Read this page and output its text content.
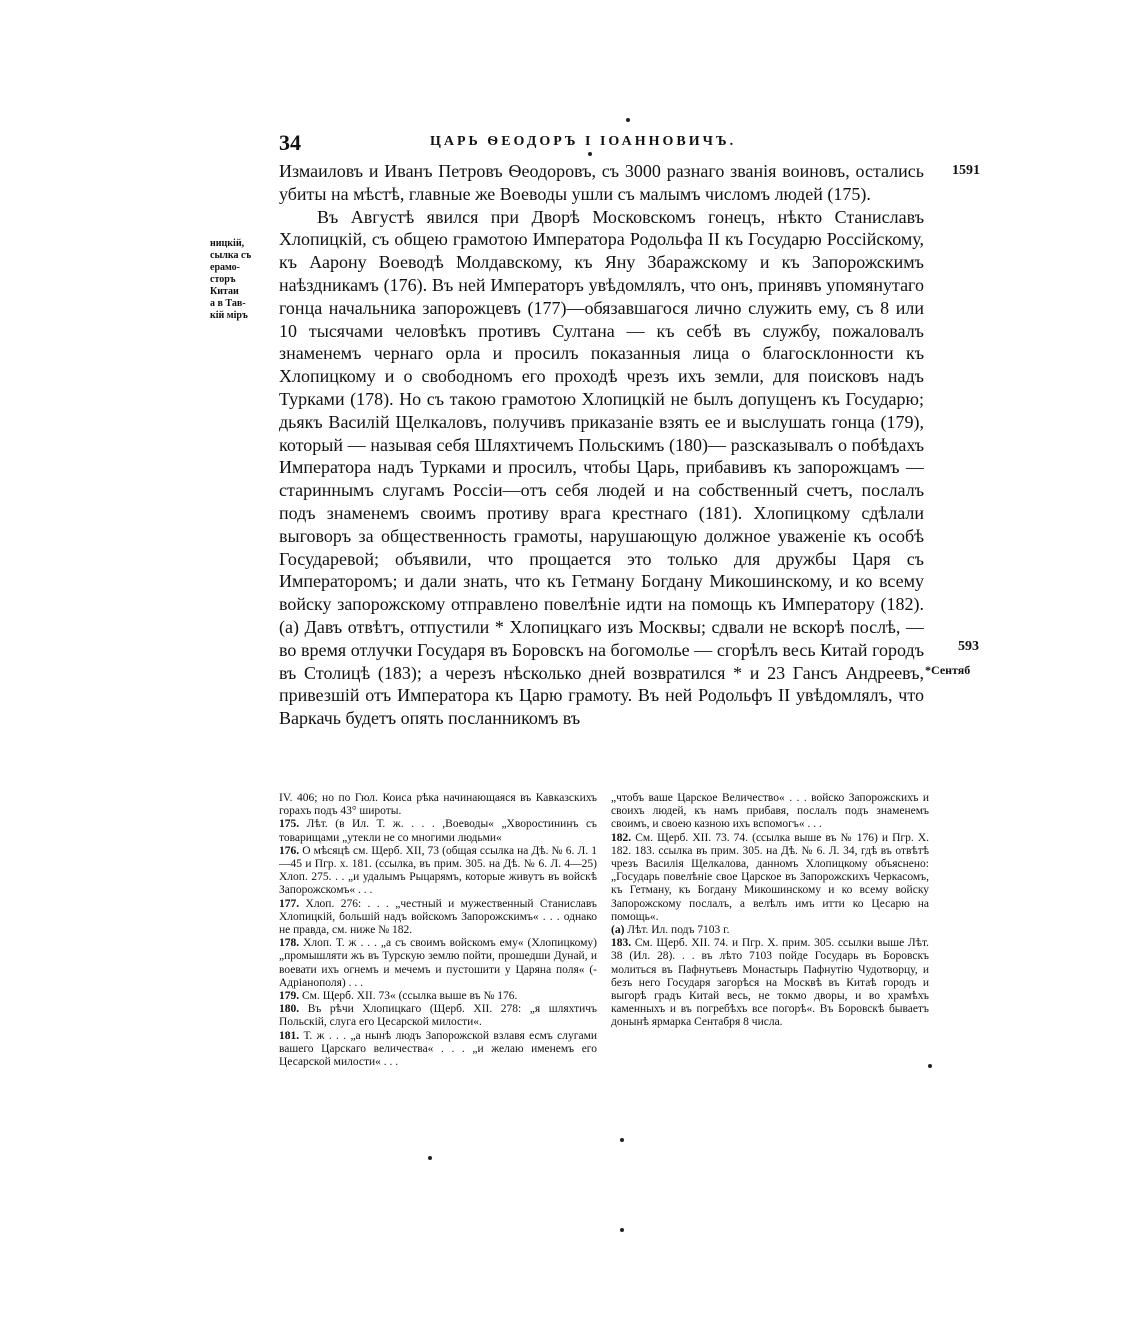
34	ЦАРЬ ѲЕОДОРЪ I ІОАННОВИЧЪ.
1591
ницкiй,
сылка съ
ерамо-
сторъ
Китаи
а в Тав-
кiй мiръ
593
*Сентяб

Измаиловъ и Иванъ Петровъ Ѳеодоровъ, съ 3000 разнаго званiя воиновъ, остались убиты на мѣстѣ, главные же Воеводы ушли съ малымъ числомъ людей (175).

Въ Августѣ явился при Дворѣ Московскомъ гонецъ, нѣкто Станиславъ Хлопицкiй, съ общею грамотою Императора Родольфа II къ Государю Россiйскому, къ Аарону Воеводѣ Молдавскому, къ Яну Збаражскому и къ Запорожскимъ наѣздникамъ (176). Въ ней Императоръ увѣдомлялъ, что онъ, принявъ упомянутаго гонца начальника запорожцевъ (177)—обязавшагося лично служить ему, съ 8 или 10 тысячами человѣкъ противъ Султана — къ себѣ въ службу, пожаловалъ знаменемъ чернаго орла и просилъ показанныя лица о благосклонности къ Хлопицкому и о свободномъ его проходѣ чрезъ ихъ земли, для поисковъ надъ Турками (178). Но съ такою грамотою Хлопицкiй не былъ допущенъ къ Государю; дьякъ Василiй Щелкаловъ, получивъ приказанiе взять ее и выслушать гонца (179), который — называя себя Шляхтичемъ Польскимъ (180)— разсказывалъ о побѣдахъ Императора надъ Турками и просилъ, чтобы Царь, прибавивъ къ запорожцамъ —стариннымъ слугамъ Россiи—отъ себя людей и на собственный счетъ, послалъ подъ знаменемъ своимъ противу врага крестнаго (181). Хлопицкому сдѣлали выговоръ за общественность грамоты, нарушающую должное уваженiе къ особѣ Государевой; объявили, что прощается это только для дружбы Царя съ Императоромъ; и дали знать, что къ Гетману Богдану Микошинскому, и ко всему войску запорожскому отправлено повелѣнiе идти на помощь къ Императору (182). (а) Давъ отвѣтъ, отпустили * Хлопицкаго изъ Москвы; сдвали не вскорѣ послѣ, — во время отлучки Государя въ Боровскъ на богомолье — сгорѣлъ весь Китай городъ въ Столицѣ (183); а черезъ нѣсколько дней возвратился * и 23 Гансъ Андреевъ, привезшiй отъ Императора къ Царю грамоту. Въ ней Родольфъ II увѣдомлялъ, что Варкачь будетъ опять посланникомъ въ

IV. 406; но по Гюл. Коиса рѣка начинающаяся въ Кавказскихъ горахъ подъ 43° широты.

175. Лѣт. (в Ил. Т. ж. . . . ,Воеводы« „Хворостининъ съ товарищами „утекли не со многими людьми«

176. О мѣсяцѣ см. Щерб. XII, 73 (общая ссылка на Дѣ. № 6. Л. 1—45 и Пгр. х. 181. (ссылка, въ прим. 305. на Дѣ. № 6. Л. 4—25) Хлоп. 275. . . „и удалымъ Рыцарямъ, которые живутъ въ войскѣ Запорожскомъ« . . .

177. Хлоп. 276: . . . „честный и мужественный Станиславъ Хлопицкiй, большiй надъ войскомъ Запорожскимъ« . . . однако не правда, см. ниже № 182.

178. Хлоп. Т. ж . . . „а съ своимъ войскомъ ему« (Хлопицкому) „промышляти жъ въ Турскую землю пойти, прошедши Дунай, и воевати ихъ огнемъ и мечемъ и пустошити у Царяна поля« (-Адрiанополя) . . .

179. См. Щерб. XII. 73« (ссылка выше въ № 176.

180. Въ рѣчи Хлопицкаго (Щерб. XII. 278: „я шляхтичъ Польскiй, слуга его Цесарской милости«.

181. Т. ж . . . „а нынѣ людъ Запорожской взлавя есмъ слугами вашего Царскаго величества« . . . „и желаю именемъ его Цесарской милости« . . .

„чтобъ ваше Царское Величество« . . . войско Запорожскихъ и своихъ людей, къ намъ прибавя, послалъ подъ знаменемъ своимъ, и своею казною ихъ вспомогъ« . . .

182. См. Щерб. XII. 73. 74. (ссылка выше въ № 176) и Пгр. Х. 182. 183. ссылка въ прим. 305. на Дѣ. № 6. Л. 34, гдѣ въ отвѣтѣ чрезъ Василiя Щелкалова, данномъ Хлопицкому объяснено: „Государь повелѣнiе свое Царское въ Запорожскихъ Черкасомъ, къ Гетману, къ Богдану Микошинскому и ко всему войску Запорожскому послалъ, а велѣлъ имъ итти ко Цесарю на помощь«.

(а) Лѣт. Ил. подъ 7103 г.

183. См. Щерб. XII. 74. и Пгр. Х. прим. 305. ссылки выше Лѣт. 38 (Ил. 28). . . въ лѣто 7103 пойде Государь въ Боровскъ молиться въ Пафнутьевъ Монастырь Пафнутiю Чудотворцу, и безъ него Государя загорѣся на Москвѣ въ Китаѣ городъ и выгорѣ градъ Китай весь, не токмо дворы, и во храмѣхъ каменныхъ и въ погребѣхъ все погорѣ«. Въ Боровскѣ бываетъ донынѣ ярмарка Сентабря 8 числа.
